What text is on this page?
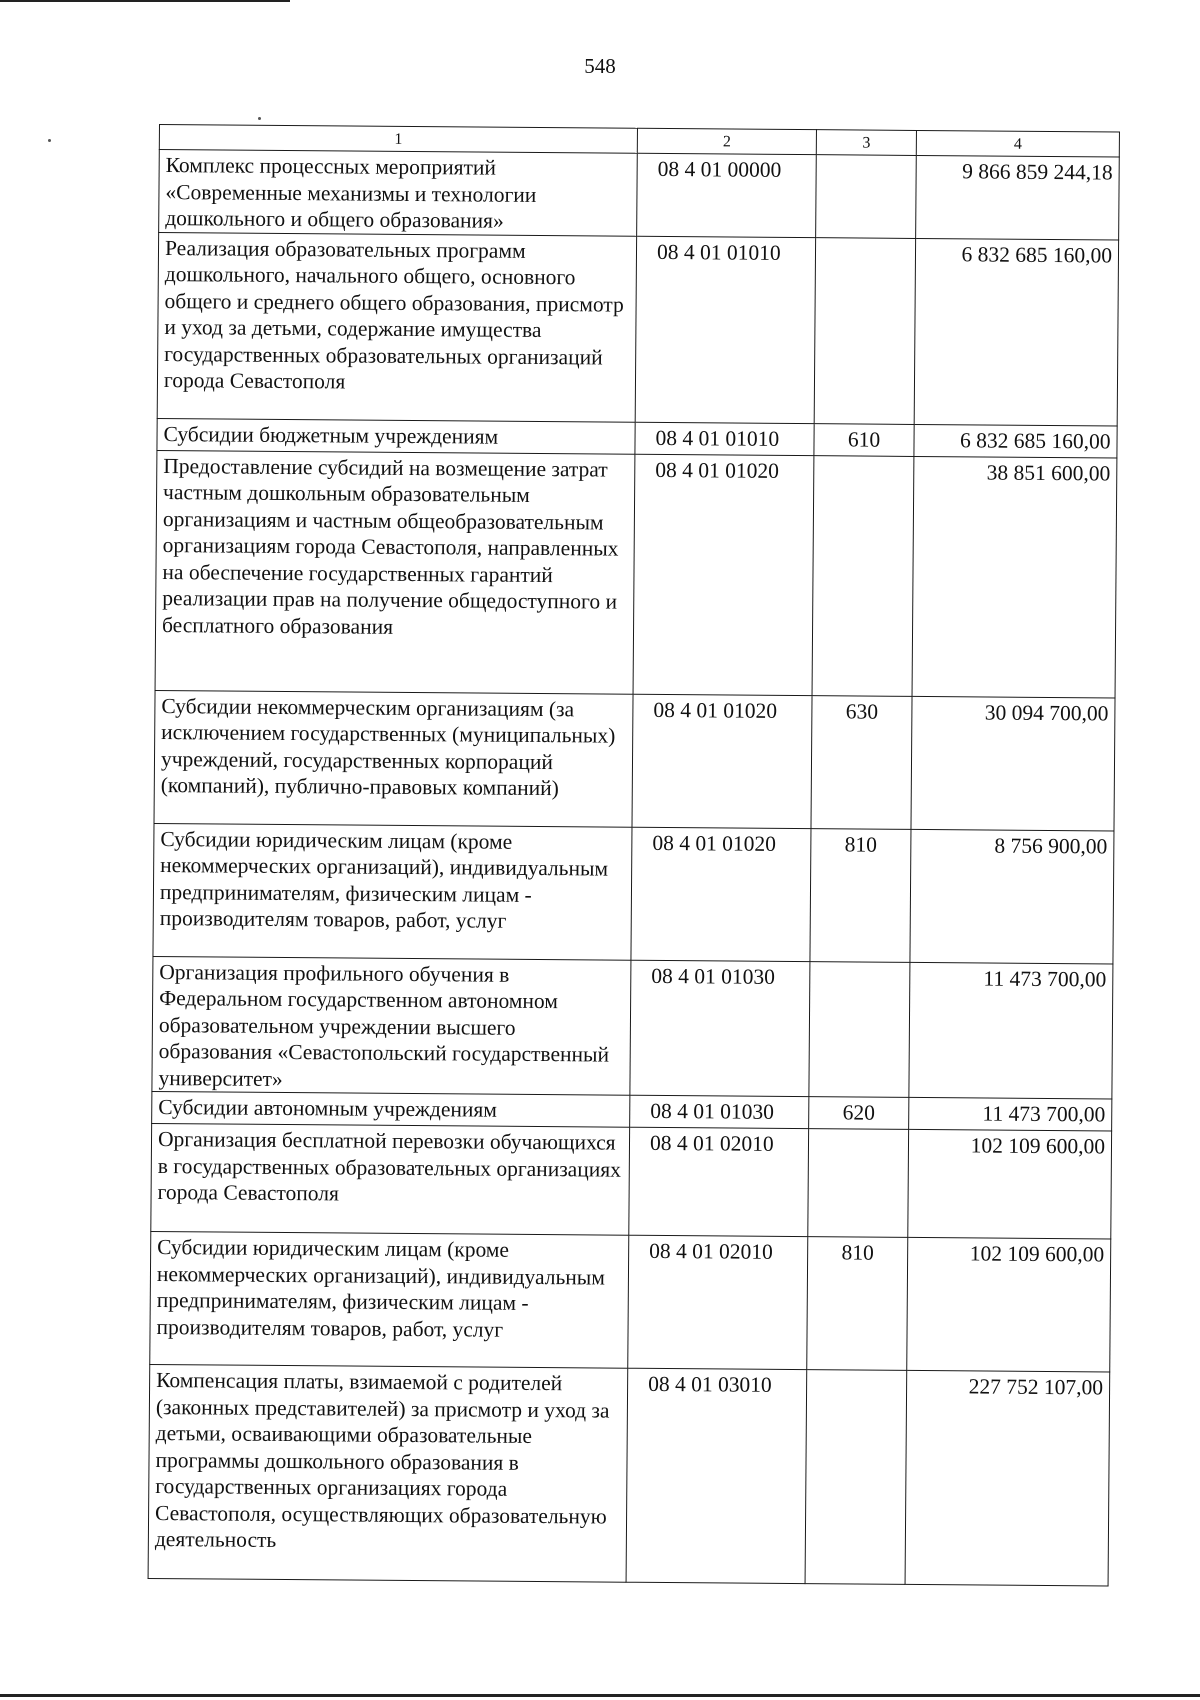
548
1	2	3	4
Комплекс процессных мероприятий «Современные механизмы и технологии дошкольного и общего образования»	08 4 01 00000		9 866 859 244,18
Реализация образовательных программ дошкольного, начального общего, основного общего и среднего общего образования, присмотр и уход за детьми, содержание имущества государственных образовательных организаций города Севастополя	08 4 01 01010		6 832 685 160,00
Субсидии бюджетным учреждениям	08 4 01 01010	610	6 832 685 160,00
Предоставление субсидий на возмещение затрат частным дошкольным образовательным организациям и частным общеобразовательным организациям города Севастополя, направленных на обеспечение государственных гарантий реализации прав на получение общедоступного и бесплатного образования	08 4 01 01020		38 851 600,00
Субсидии некоммерческим организациям (за исключением государственных (муниципальных) учреждений, государственных корпораций (компаний), публично-правовых компаний)	08 4 01 01020	630	30 094 700,00
Субсидии юридическим лицам (кроме некоммерческих организаций), индивидуальным предпринимателям, физическим лицам - производителям товаров, работ, услуг	08 4 01 01020	810	8 756 900,00
Организация профильного обучения в Федеральном государственном автономном образовательном учреждении высшего образования «Севастопольский государственный университет»	08 4 01 01030		11 473 700,00
Субсидии автономным учреждениям	08 4 01 01030	620	11 473 700,00
Организация бесплатной перевозки обучающихся в государственных образовательных организациях города Севастополя	08 4 01 02010		102 109 600,00
Субсидии юридическим лицам (кроме некоммерческих организаций), индивидуальным предпринимателям, физическим лицам - производителям товаров, работ, услуг	08 4 01 02010	810	102 109 600,00
Компенсация платы, взимаемой с родителей (законных представителей) за присмотр и уход за детьми, осваивающими образовательные программы дошкольного образования в государственных организациях города Севастополя, осуществляющих образовательную деятельность	08 4 01 03010		227 752 107,00
